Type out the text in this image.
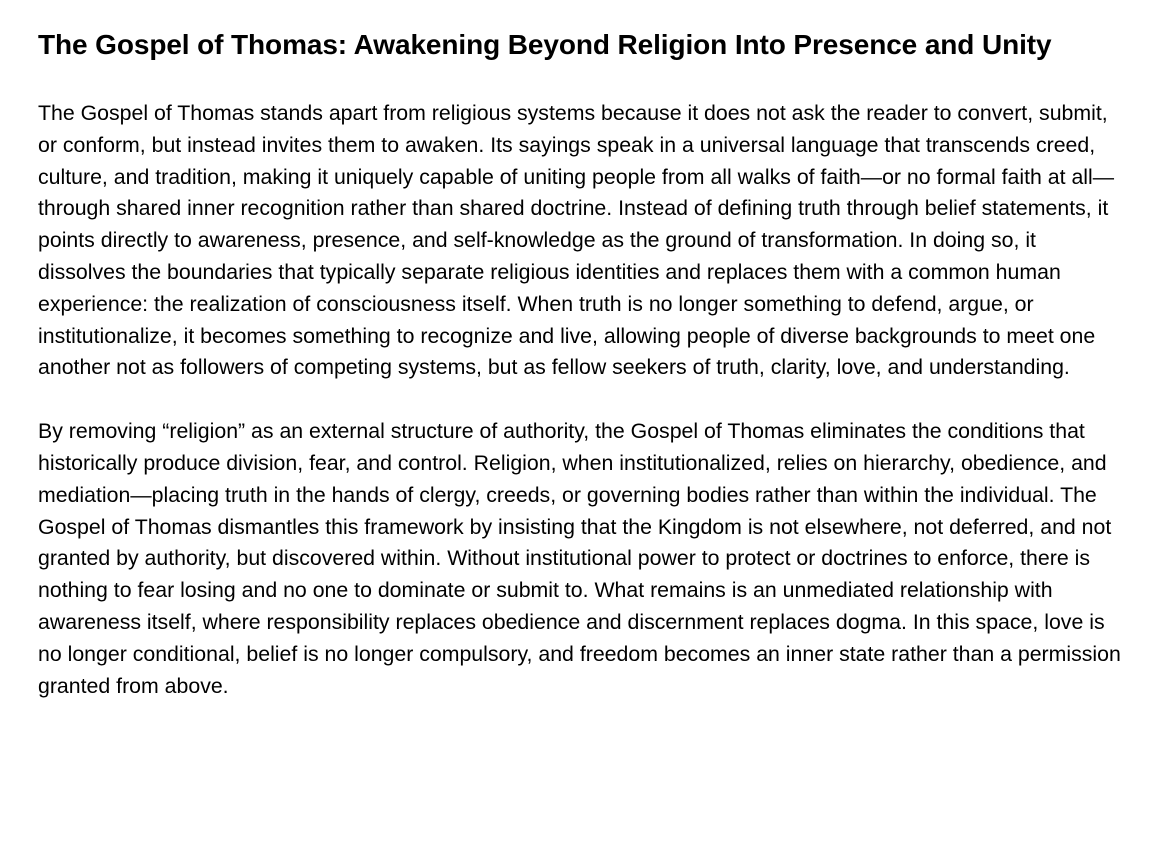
The Gospel of Thomas: Awakening Beyond Religion Into Presence and Unity

The Gospel of Thomas stands apart from religious systems because it does not ask the reader to convert, submit, or conform, but instead invites them to awaken. Its sayings speak in a universal language that transcends creed, culture, and tradition, making it uniquely capable of uniting people from all walks of faith—or no formal faith at all—through shared inner recognition rather than shared doctrine. Instead of defining truth through belief statements, it points directly to awareness, presence, and self-knowledge as the ground of transformation. In doing so, it dissolves the boundaries that typically separate religious identities and replaces them with a common human experience: the realization of consciousness itself. When truth is no longer something to defend, argue, or institutionalize, it becomes something to recognize and live, allowing people of diverse backgrounds to meet one another not as followers of competing systems, but as fellow seekers of truth, clarity, love, and understanding.

By removing “religion” as an external structure of authority, the Gospel of Thomas eliminates the conditions that historically produce division, fear, and control. Religion, when institutionalized, relies on hierarchy, obedience, and mediation—placing truth in the hands of clergy, creeds, or governing bodies rather than within the individual. The Gospel of Thomas dismantles this framework by insisting that the Kingdom is not elsewhere, not deferred, and not granted by authority, but discovered within. Without institutional power to protect or doctrines to enforce, there is nothing to fear losing and no one to dominate or submit to. What remains is an unmediated relationship with awareness itself, where responsibility replaces obedience and discernment replaces dogma. In this space, love is no longer conditional, belief is no longer compulsory, and freedom becomes an inner state rather than a permission granted from above.
